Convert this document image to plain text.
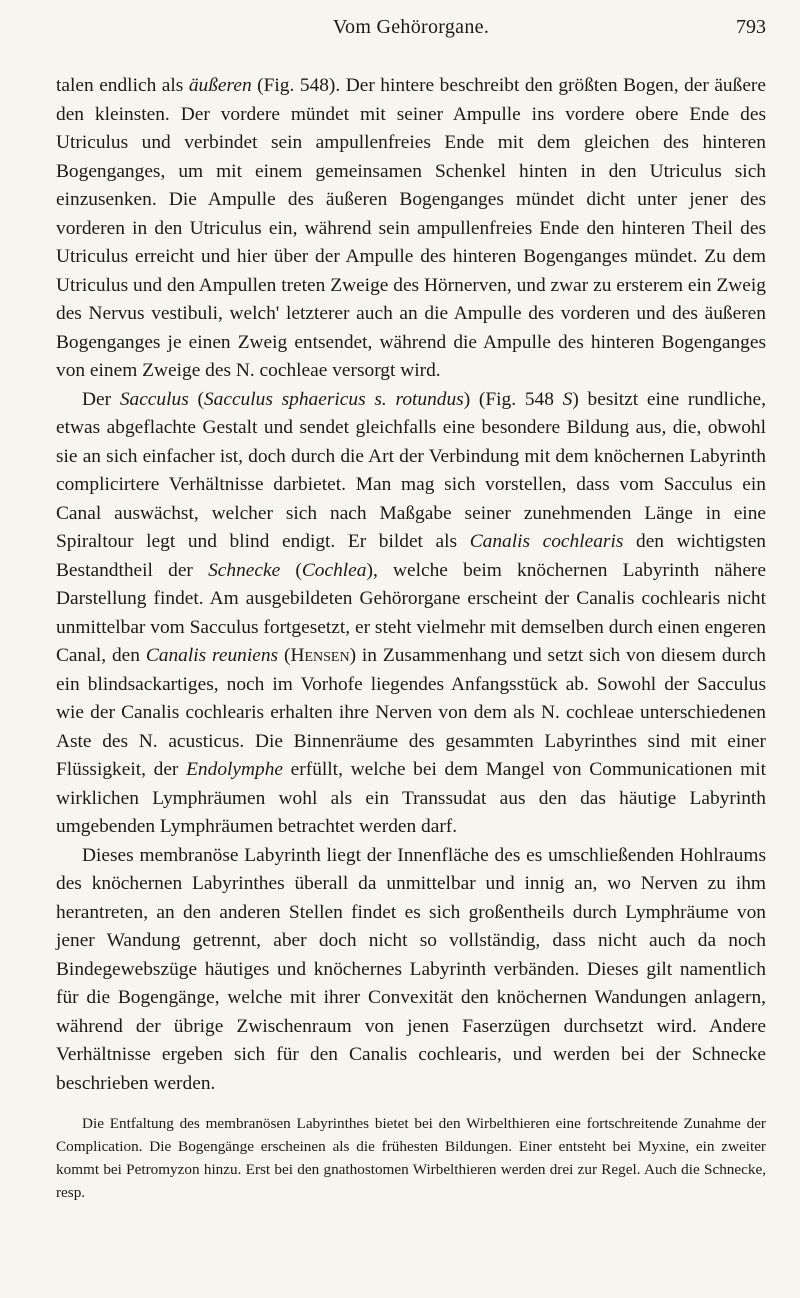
Vom Gehörorgane.	793

talen endlich als äußeren (Fig. 548). Der hintere beschreibt den größten Bogen, der äußere den kleinsten. Der vordere mündet mit seiner Ampulle ins vordere obere Ende des Utriculus und verbindet sein ampullenfreies Ende mit dem gleichen des hinteren Bogenganges, um mit einem gemeinsamen Schenkel hinten in den Utriculus sich einzusenken. Die Ampulle des äußeren Bogenganges mündet dicht unter jener des vorderen in den Utriculus ein, während sein ampullenfreies Ende den hinteren Theil des Utriculus erreicht und hier über der Ampulle des hinteren Bogenganges mündet. Zu dem Utriculus und den Ampullen treten Zweige des Hörnerven, und zwar zu ersterem ein Zweig des Nervus vestibuli, welch' letzterer auch an die Ampulle des vorderen und des äußeren Bogenganges je einen Zweig entsendet, während die Ampulle des hinteren Bogenganges von einem Zweige des N. cochleae versorgt wird.

Der Sacculus (Sacculus sphaericus s. rotundus) (Fig. 548 S) besitzt eine rundliche, etwas abgeflachte Gestalt und sendet gleichfalls eine besondere Bildung aus, die, obwohl sie an sich einfacher ist, doch durch die Art der Verbindung mit dem knöchernen Labyrinth complicirtere Verhältnisse darbietet. Man mag sich vorstellen, dass vom Sacculus ein Canal auswächst, welcher sich nach Maßgabe seiner zunehmenden Länge in eine Spiraltour legt und blind endigt. Er bildet als Canalis cochlearis den wichtigsten Bestandtheil der Schnecke (Cochlea), welche beim knöchernen Labyrinth nähere Darstellung findet. Am ausgebildeten Gehörorgane erscheint der Canalis cochlearis nicht unmittelbar vom Sacculus fortgesetzt, er steht vielmehr mit demselben durch einen engeren Canal, den Canalis reuniens (Hensen) in Zusammenhang und setzt sich von diesem durch ein blindsackartiges, noch im Vorhofe liegendes Anfangsstück ab. Sowohl der Sacculus wie der Canalis cochlearis erhalten ihre Nerven von dem als N. cochleae unterschiedenen Aste des N. acusticus. Die Binnenräume des gesammten Labyrinthes sind mit einer Flüssigkeit, der Endolymphe erfüllt, welche bei dem Mangel von Communicationen mit wirklichen Lymphräumen wohl als ein Transsudat aus den das häutige Labyrinth umgebenden Lymphräumen betrachtet werden darf.

Dieses membranöse Labyrinth liegt der Innenfläche des es umschließenden Hohlraums des knöchernen Labyrinthes überall da unmittelbar und innig an, wo Nerven zu ihm herantreten, an den anderen Stellen findet es sich großentheils durch Lymphräume von jener Wandung getrennt, aber doch nicht so vollständig, dass nicht auch da noch Bindegewebszüge häutiges und knöchernes Labyrinth verbänden. Dieses gilt namentlich für die Bogengänge, welche mit ihrer Convexität den knöchernen Wandungen anlagern, während der übrige Zwischenraum von jenen Faserzügen durchsetzt wird. Andere Verhältnisse ergeben sich für den Canalis cochlearis, und werden bei der Schnecke beschrieben werden.

Die Entfaltung des membranösen Labyrinthes bietet bei den Wirbelthieren eine fortschreitende Zunahme der Complication. Die Bogengänge erscheinen als die frühesten Bildungen. Einer entsteht bei Myxine, ein zweiter kommt bei Petromyzon hinzu. Erst bei den gnathostomen Wirbelthieren werden drei zur Regel. Auch die Schnecke, resp.
